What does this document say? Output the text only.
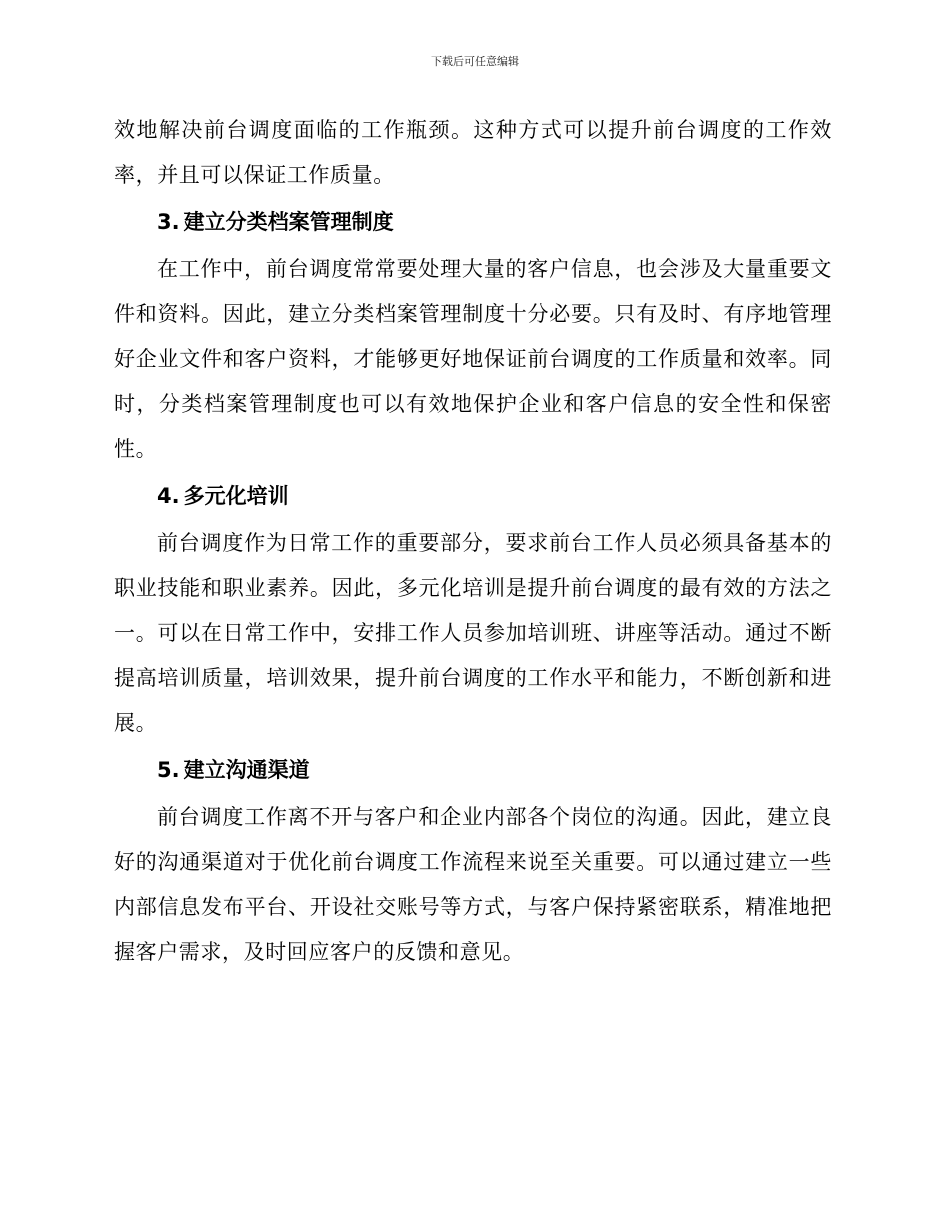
下载后可任意编辑

效地解决前台调度面临的工作瓶颈。这种方式可以提升前台调度的工作效率，并且可以保证工作质量。

3. 建立分类档案管理制度

在工作中，前台调度常常要处理大量的客户信息，也会涉及大量重要文件和资料。因此，建立分类档案管理制度十分必要。只有及时、有序地管理好企业文件和客户资料，才能够更好地保证前台调度的工作质量和效率。同时，分类档案管理制度也可以有效地保护企业和客户信息的安全性和保密性。

4. 多元化培训

前台调度作为日常工作的重要部分，要求前台工作人员必须具备基本的职业技能和职业素养。因此，多元化培训是提升前台调度的最有效的方法之一。可以在日常工作中，安排工作人员参加培训班、讲座等活动。通过不断提高培训质量，培训效果，提升前台调度的工作水平和能力，不断创新和进展。

5. 建立沟通渠道

前台调度工作离不开与客户和企业内部各个岗位的沟通。因此，建立良好的沟通渠道对于优化前台调度工作流程来说至关重要。可以通过建立一些内部信息发布平台、开设社交账号等方式，与客户保持紧密联系，精准地把握客户需求，及时回应客户的反馈和意见。
